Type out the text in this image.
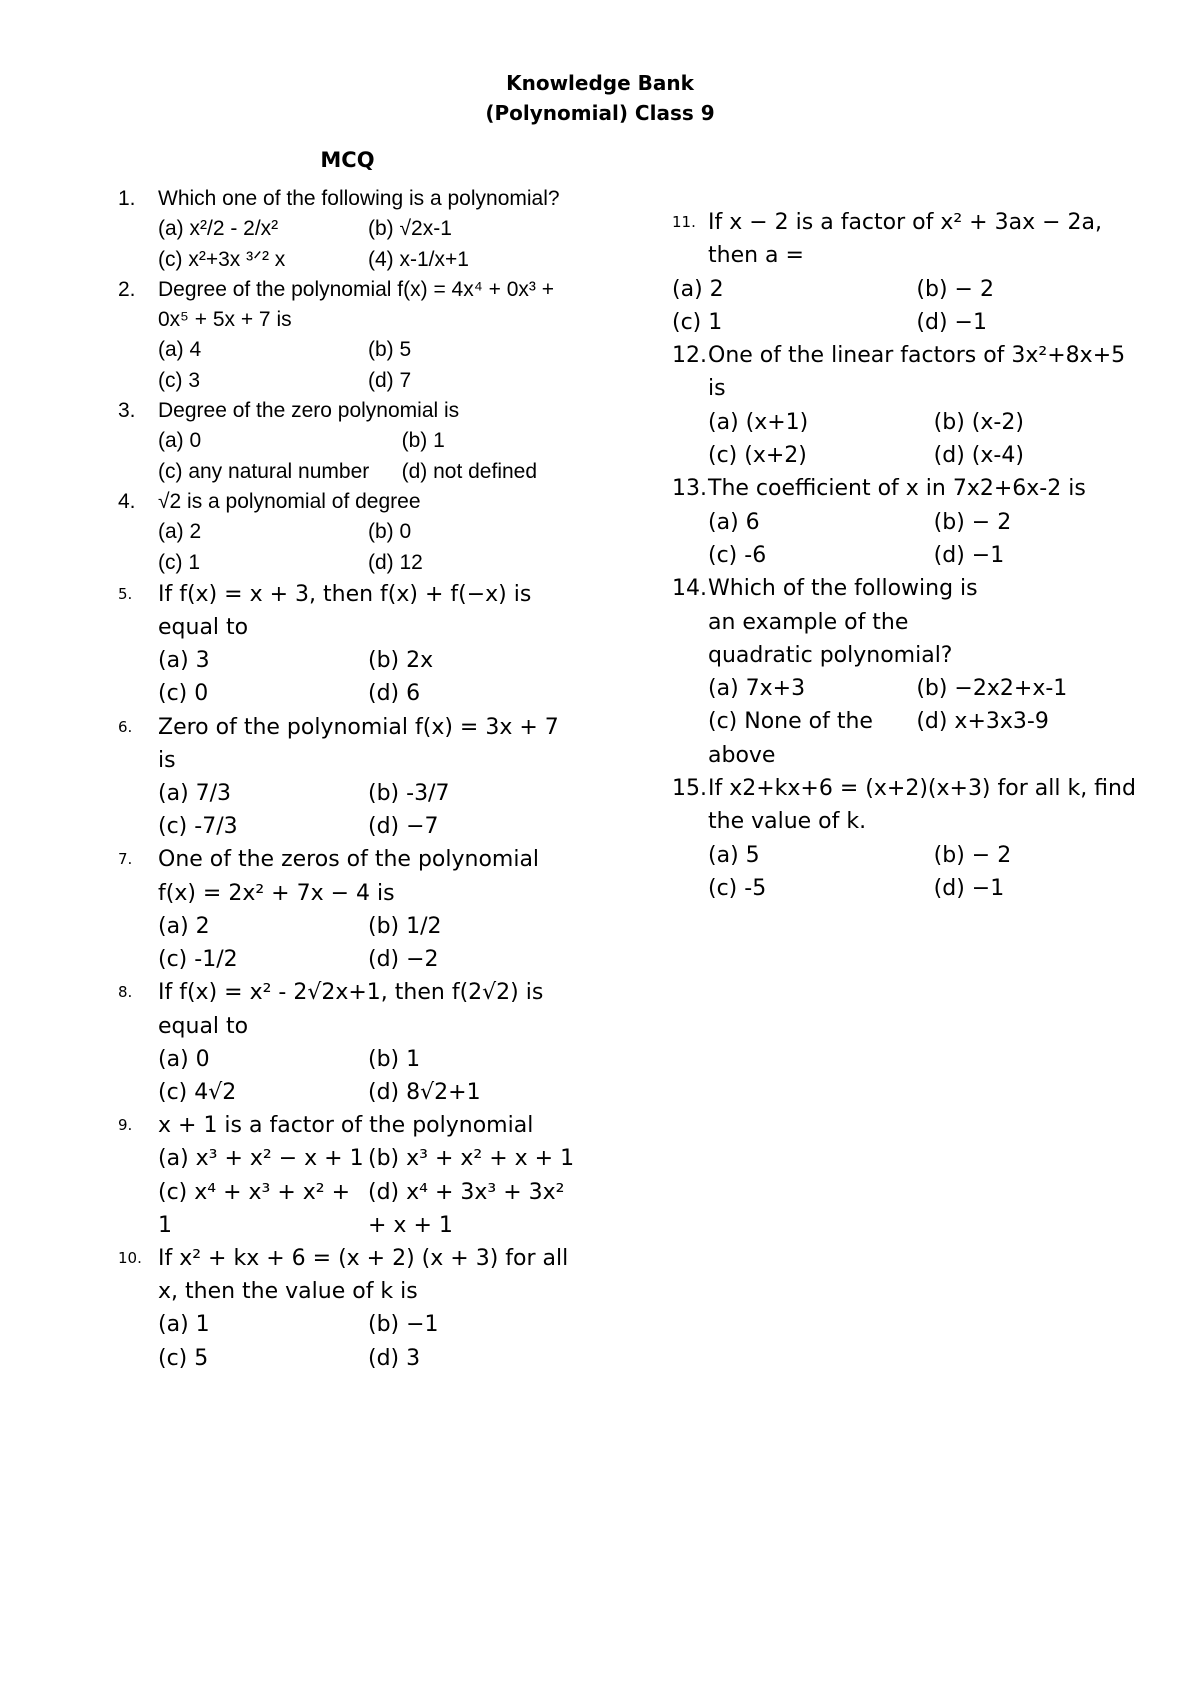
Knowledge Bank
(Polynomial) Class 9
MCQ
1.	Which one of the following is a polynomial?
(a) x²/2 - 2/x²	(b) √2x-1
(c) x²+3x ³ᐟ² x	(4) x-1/x+1
2.	Degree of the polynomial f(x) = 4x⁴ + 0x³ + 0x⁵ + 5x + 7 is
(a) 4	(b) 5
(c) 3	(d) 7
3.	Degree of the zero polynomial is
(a) 0	(b) 1
(c) any natural number	(d) not defined
4.	√2 is a polynomial of degree
(a) 2	(b) 0
(c) 1	(d) 12
5.	If f(x) = x + 3, then f(x) + f(−x) is equal to
(a) 3	(b) 2x
(c) 0	(d) 6
6.	Zero of the polynomial f(x) = 3x + 7 is
(a) 7/3	(b) -3/7
(c) -7/3	(d) −7
7.	One of the zeros of the polynomial f(x) = 2x² + 7x − 4 is
(a) 2	(b) 1/2
(c) -1/2	(d) −2
8.	If f(x) = x² - 2√2x+1, then f(2√2) is equal to
(a) 0	(b) 1
(c) 4√2	(d) 8√2+1
9.	x + 1 is a factor of the polynomial
(a) x³ + x² − x + 1 (b) x³ + x² + x + 1
(c) x⁴ + x³ + x² + 1
(d) x⁴ + 3x³ + 3x² + x + 1
10. If x² + kx + 6 = (x + 2) (x + 3) for all x, then the value of k is
(a) 1	(b) −1
(c) 5	(d) 3
11. If x − 2 is a factor of x² + 3ax − 2a, then a =
(a) 2	(b) − 2
(c) 1	(d) −1
12. One of the linear factors of 3x²+8x+5 is
(a) (x+1)	(b) (x-2)
(c) (x+2)	(d) (x-4)
13. The coefficient of x in 7x2+6x-2 is
(a) 6	(b) − 2
(c) -6	(d) −1
14. Which of the following is an example of the quadratic polynomial?
(a) 7x+3	(b) −2x2+x-1
(c) None of the above
(d) x+3x3-9
15. If x2+kx+6 = (x+2)(x+3) for all k, find the value of k.
(a) 5	(b) − 2
(c) -5	(d) −1
